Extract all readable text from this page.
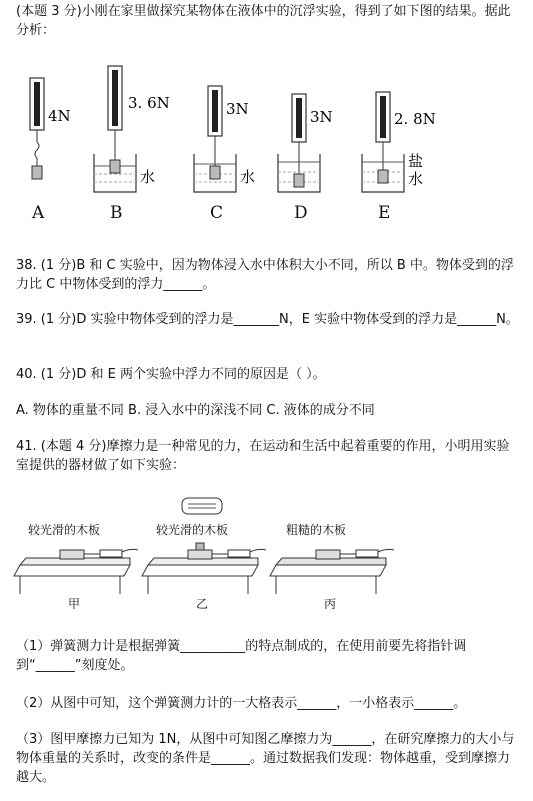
(本题 3 分)小刚在家里做探究某物体在液体中的沉浮实验，得到了如下图的结果。据此分析：

4N
A
3. 6N
水
B
3N
水
C
3N
D
2. 8N
盐 水
E

38. (1 分)B 和 C 实验中，因为物体浸入水中体积大小不同，所以 B 中。物体受到的浮力比 C 中物体受到的浮力______。

39. (1 分)D 实验中物体受到的浮力是_______N，E 实验中物体受到的浮力是______N。

40. (1 分)D 和 E 两个实验中浮力不同的原因是（ ）。

A. 物体的重量不同 B. 浸入水中的深浅不同 C. 液体的成分不同

41. (本题 4 分)摩擦力是一种常见的力，在运动和生活中起着重要的作用，小明用实验室提供的器材做了如下实验：

较光滑的木板
甲
较光滑的木板
乙
粗糙的木板
丙

（1）弹簧测力计是根据弹簧__________的特点制成的，在使用前要先将指针调到“______”刻度处。

（2）从图中可知，这个弹簧测力计的一大格表示______，一小格表示______。

（3）图甲摩擦力已知为 1N，从图中可知图乙摩擦力为______，在研究摩擦力的大小与物体重量的关系时，改变的条件是______。通过数据我们发现：物体越重，受到摩擦力越大。
